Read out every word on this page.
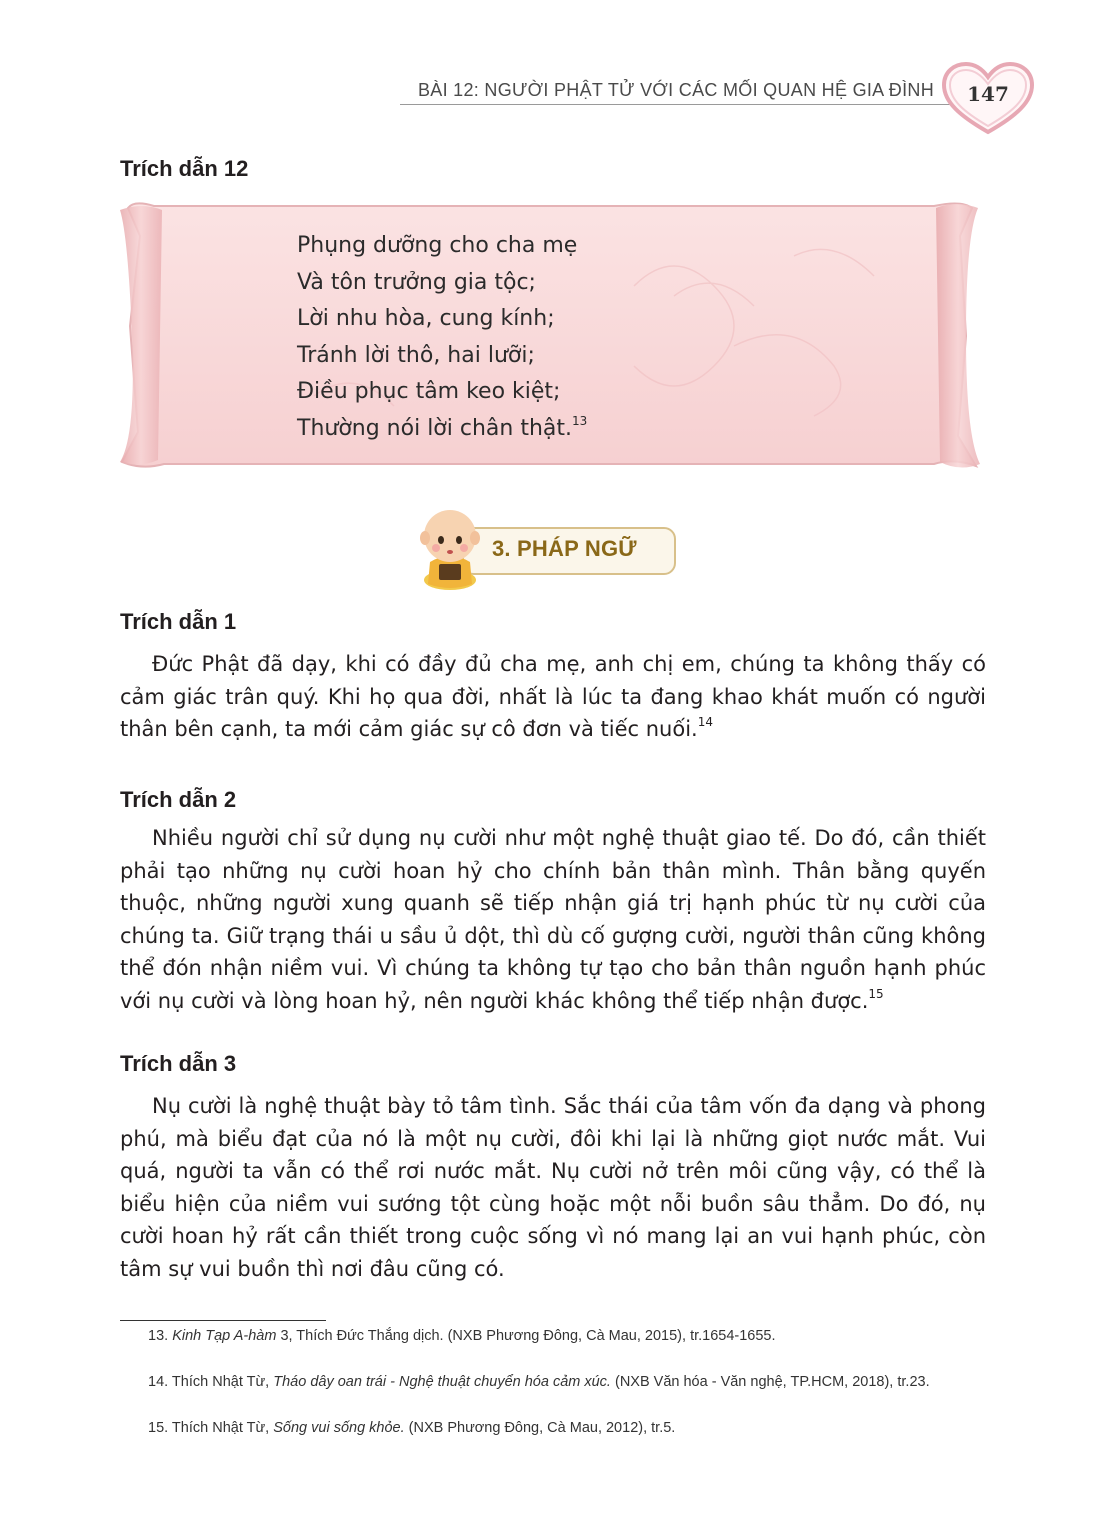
BÀI 12: NGƯỜI PHẬT TỬ VỚI CÁC MỐI QUAN HỆ GIA ĐÌNH	147
Trích dẫn 12
Phụng dưỡng cho cha mẹ
Và tôn trưởng gia tộc;
Lời nhu hòa, cung kính;
Tránh lời thô, hai lưỡi;
Điều phục tâm keo kiệt;
Thường nói lời chân thật.$^{13}$
3. PHÁP NGỮ
Trích dẫn 1

Đức Phật đã dạy, khi có đầy đủ cha mẹ, anh chị em, chúng ta không thấy có cảm giác trân quý. Khi họ qua đời, nhất là lúc ta đang khao khát muốn có người thân bên cạnh, ta mới cảm giác sự cô đơn và tiếc nuối.$^{14}$

Trích dẫn 2

Nhiều người chỉ sử dụng nụ cười như một nghệ thuật giao tế. Do đó, cần thiết phải tạo những nụ cười hoan hỷ cho chính bản thân mình. Thân bằng quyến thuộc, những người xung quanh sẽ tiếp nhận giá trị hạnh phúc từ nụ cười của chúng ta. Giữ trạng thái u sầu ủ dột, thì dù cố gượng cười, người thân cũng không thể đón nhận niềm vui. Vì chúng ta không tự tạo cho bản thân nguồn hạnh phúc với nụ cười và lòng hoan hỷ, nên người khác không thể tiếp nhận được.$^{15}$

Trích dẫn 3

Nụ cười là nghệ thuật bày tỏ tâm tình. Sắc thái của tâm vốn đa dạng và phong phú, mà biểu đạt của nó là một nụ cười, đôi khi lại là những giọt nước mắt. Vui quá, người ta vẫn có thể rơi nước mắt. Nụ cười nở trên môi cũng vậy, có thể là biểu hiện của niềm vui sướng tột cùng hoặc một nỗi buồn sâu thẳm. Do đó, nụ cười hoan hỷ rất cần thiết trong cuộc sống vì nó mang lại an vui hạnh phúc, còn tâm sự vui buồn thì nơi đâu cũng có.

13. Kinh Tạp A-hàm 3, Thích Đức Thắng dịch. (NXB Phương Đông, Cà Mau, 2015), tr.1654-1655.

14. Thích Nhật Từ, Tháo dây oan trái - Nghệ thuật chuyển hóa cảm xúc. (NXB Văn hóa - Văn nghệ, TP.HCM, 2018), tr.23.

15. Thích Nhật Từ, Sống vui sống khỏe. (NXB Phương Đông, Cà Mau, 2012), tr.5.
